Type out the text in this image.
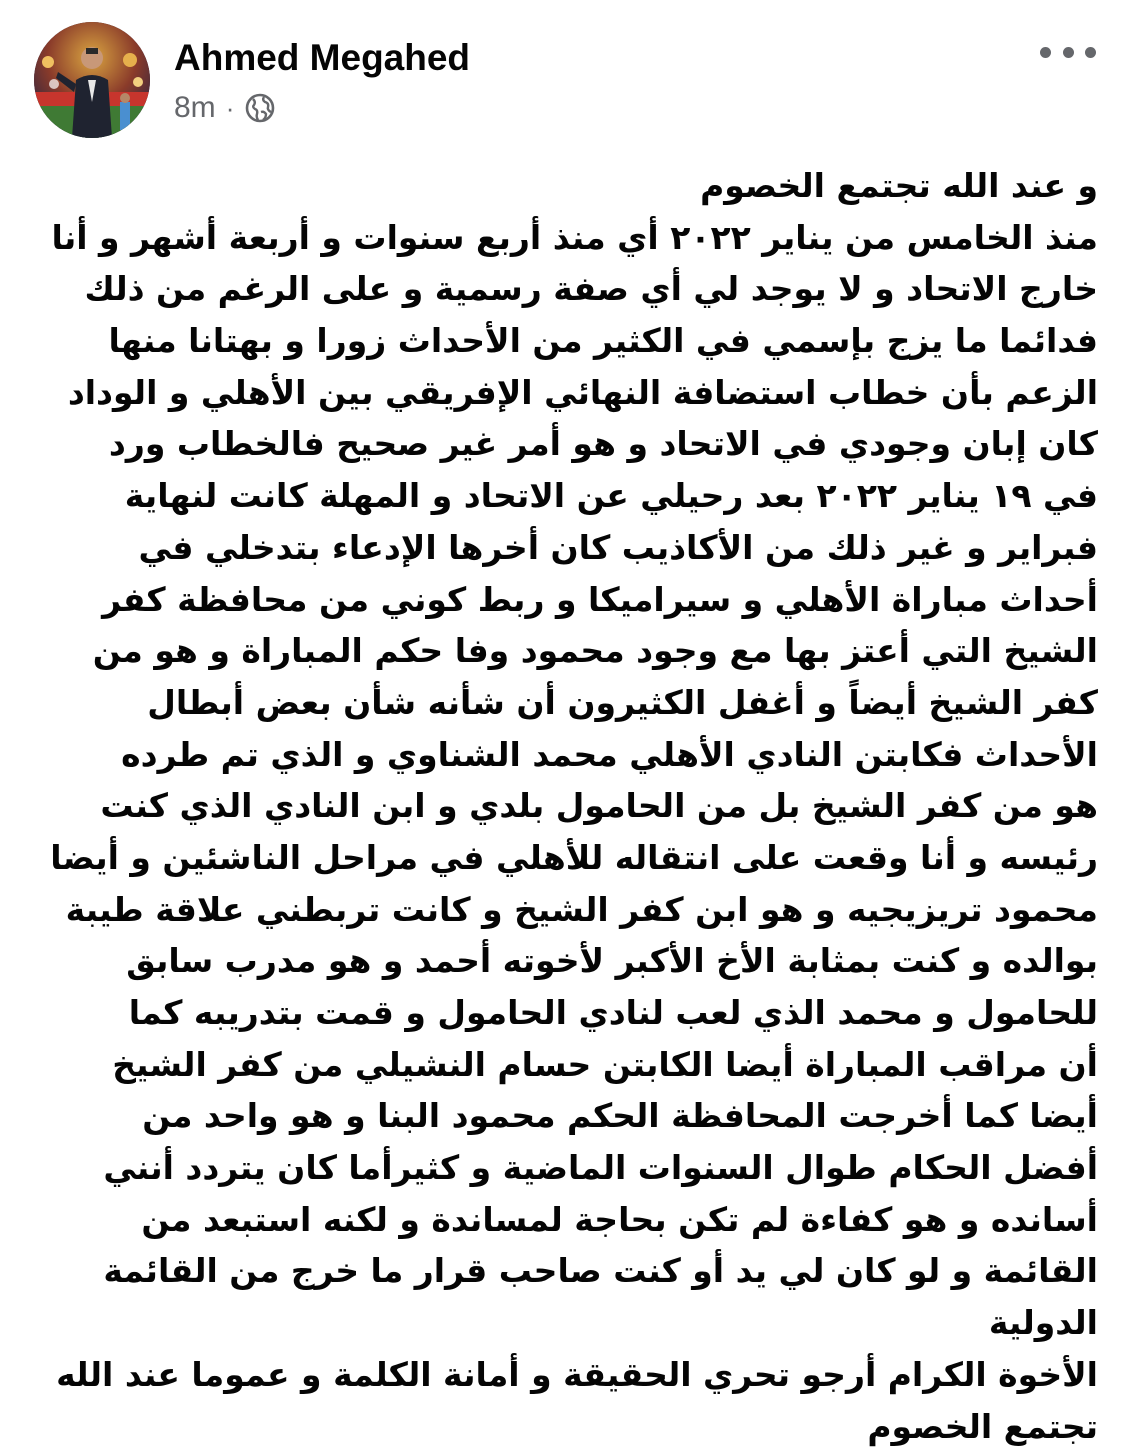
Ahmed Megahed
8m ·
و عند الله تجتمع الخصوم
منذ الخامس من يناير ٢٠٢٢ أي منذ أربع سنوات و أربعة أشهر و أنا
خارج الاتحاد و لا يوجد لي أي صفة رسمية و على الرغم من ذلك
فدائما ما يزج بإسمي في الكثير من الأحداث زورا و بهتانا منها
الزعم بأن خطاب استضافة النهائي الإفريقي بين الأهلي و الوداد
كان إبان وجودي في الاتحاد و هو أمر غير صحيح فالخطاب ورد
في ١٩ يناير ٢٠٢٢ بعد رحيلي عن الاتحاد و المهلة كانت لنهاية
فبراير و غير ذلك من الأكاذيب كان أخرها الإدعاء بتدخلي في
أحداث مباراة الأهلي و سيراميكا و ربط كوني من محافظة كفر
الشيخ التي أعتز بها مع وجود محمود وفا حكم المباراة و هو من
كفر الشيخ أيضاً و أغفل الكثيرون أن شأنه شأن بعض أبطال
الأحداث فكابتن النادي الأهلي محمد الشناوي و الذي تم طرده
هو من كفر الشيخ بل من الحامول بلدي و ابن النادي الذي كنت
رئيسه و أنا وقعت على انتقاله للأهلي في مراحل الناشئين و أيضا
محمود تريزيجيه و هو ابن كفر الشيخ و كانت تربطني علاقة طيبة
بوالده و كنت بمثابة الأخ الأكبر لأخوته أحمد و هو مدرب سابق
للحامول و محمد الذي لعب لنادي الحامول و قمت بتدريبه كما
أن مراقب المباراة أيضا الكابتن حسام النشيلي من كفر الشيخ
أيضا كما أخرجت المحافظة الحكم محمود البنا و هو واحد من
أفضل الحكام طوال السنوات الماضية و كثيرأما كان يتردد أنني
أسانده و هو كفاءة لم تكن بحاجة لمساندة و لكنه استبعد من
القائمة و لو كان لي يد أو كنت صاحب قرار ما خرج من القائمة
الدولية
الأخوة الكرام أرجو تحري الحقيقة و أمانة الكلمة و عموما عند الله
تجتمع الخصوم
